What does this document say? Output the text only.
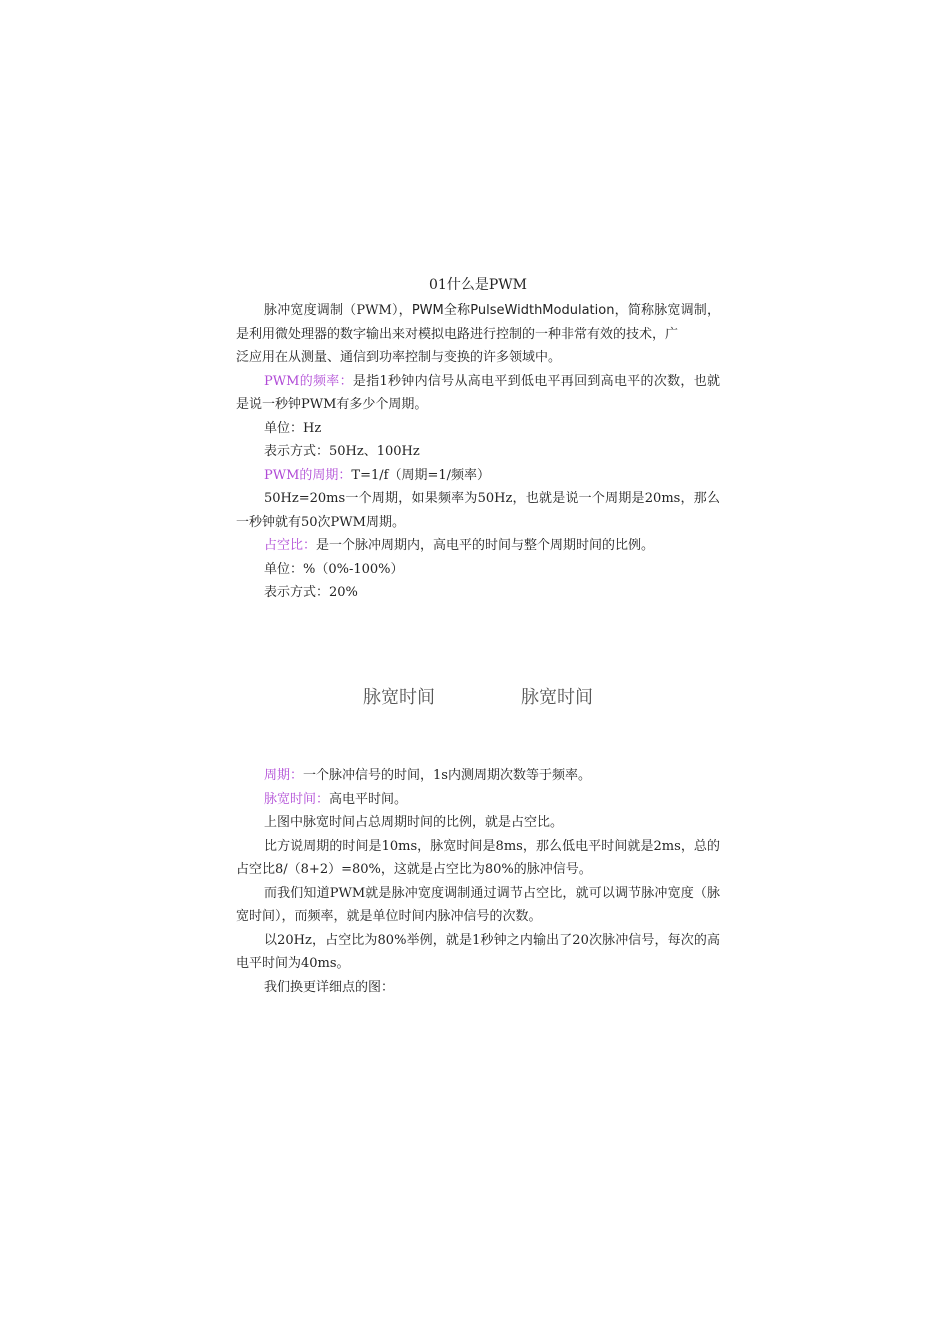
01什么是PWM

脉冲宽度调制（PWM），PWM全称PulseWidthModulation，简称脉宽调制，是利用微处理器的数字输出来对模拟电路进行控制的一种非常有效的技术，广

泛应用在从测量、通信到功率控制与变换的许多领域中。

PWM的频率：是指1秒钟内信号从高电平到低电平再回到高电平的次数，也就是说一秒钟PWM有多少个周期。

单位：Hz

表示方式：50Hz、100Hz

PWM的周期：T=1/f（周期=1/频率）

50Hz=20ms一个周期，如果频率为50Hz，也就是说一个周期是20ms，那么一秒钟就有50次PWM周期。

占空比：是一个脉冲周期内，高电平的时间与整个周期时间的比例。

单位：%（0%-100%）

表示方式：20%

脉宽时间	脉宽时间

周期：一个脉冲信号的时间，1s内测周期次数等于频率。

脉宽时间：高电平时间。

上图中脉宽时间占总周期时间的比例，就是占空比。

比方说周期的时间是10ms，脉宽时间是8ms，那么低电平时间就是2ms，总的占空比8/（8+2）=80%，这就是占空比为80%的脉冲信号。

而我们知道PWM就是脉冲宽度调制通过调节占空比，就可以调节脉冲宽度（脉宽时间），而频率，就是单位时间内脉冲信号的次数。

以20Hz，占空比为80%举例，就是1秒钟之内输出了20次脉冲信号，每次的高电平时间为40ms。

我们换更详细点的图：
